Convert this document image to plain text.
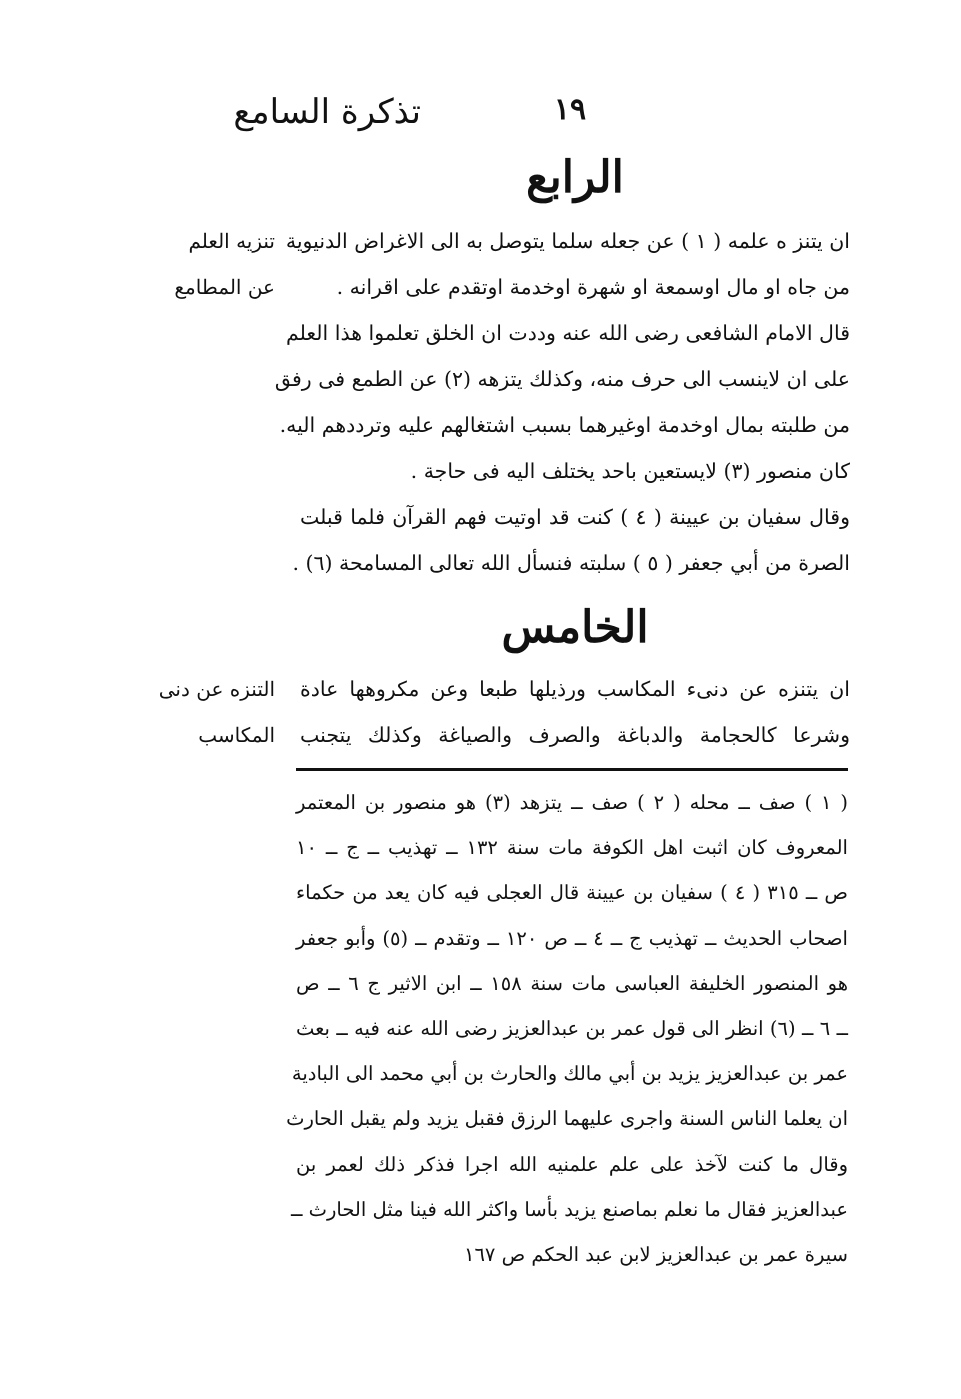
تذكرة السامع	١٩
الرابع
تنزيه العلم
عن المطامع
ان يتنز ه علمه ( ١ ) عن جعله سلما يتوصل به الى الاغراض الدنيوية
من جاه او مال اوسمعة او شهرة اوخدمة اوتقدم على اقرانه .
قال الامام الشافعى رضى الله عنه وددت ان الخلق تعلموا هذا العلم
على ان لاينسب الى حرف منه، وكذلك يتزهه (٢) عن الطمع فى رفق
من طلبته بمال اوخدمة اوغيرهما بسبب اشتغالهم عليه وترددهم اليه.
كان منصور (٣) لايستعين باحد يختلف اليه فى حاجة .
وقال سفيان بن عيينة ( ٤ ) كنت قد اوتيت فهم القرآن فلما قبلت
الصرة من أبي جعفر ( ٥ ) سلبته فنسأل الله تعالى المسامحة (٦) .
الخامس
التنزه عن دنى
المكاسب
ان يتنزه عن دنىء المكاسب ورذيلها طبعا وعن مكروهها عادة
وشرعا كالحجامة والدباغة والصرف والصياغة وكذلك يتجنب
( ١ ) صف ــ محله ( ٢ ) صف ــ يتزهد (٣) هو منصور بن المعتمر
المعروف كان اثبت اهل الكوفة مات سنة ١٣٢ ــ تهذيب ــ ج ــ ١٠
ص ــ ٣١٥ ( ٤ ) سفيان بن عيينة قال العجلى فيه كان يعد من حكماء
اصحاب الحديث ــ تهذيب ج ــ ٤ ــ ص ١٢٠ ــ وتقدم ــ (٥) وأبو جعفر
هو المنصور الخليفة العباسى مات سنة ١٥٨ ــ ابن الاثير ج ٦ ــ ص
ــ ٦ ــ (٦) انظر الى قول عمر بن عبدالعزيز رضى الله عنه فيه ــ بعث
عمر بن عبدالعزيز يزيد بن أبي مالك والحارث بن أبي محمد الى البادية
ان يعلما الناس السنة واجرى عليهما الرزق فقبل يزيد ولم يقبل الحارث
وقال ما كنت لآخذ على علم علمنيه الله اجرا فذكر ذلك لعمر بن
عبدالعزيز فقال ما نعلم بماصنع يزيد بأسا واكثر الله فينا مثل الحارث ــ
سيرة عمر بن عبدالعزيز لابن عبد الحكم ص ١٦٧
